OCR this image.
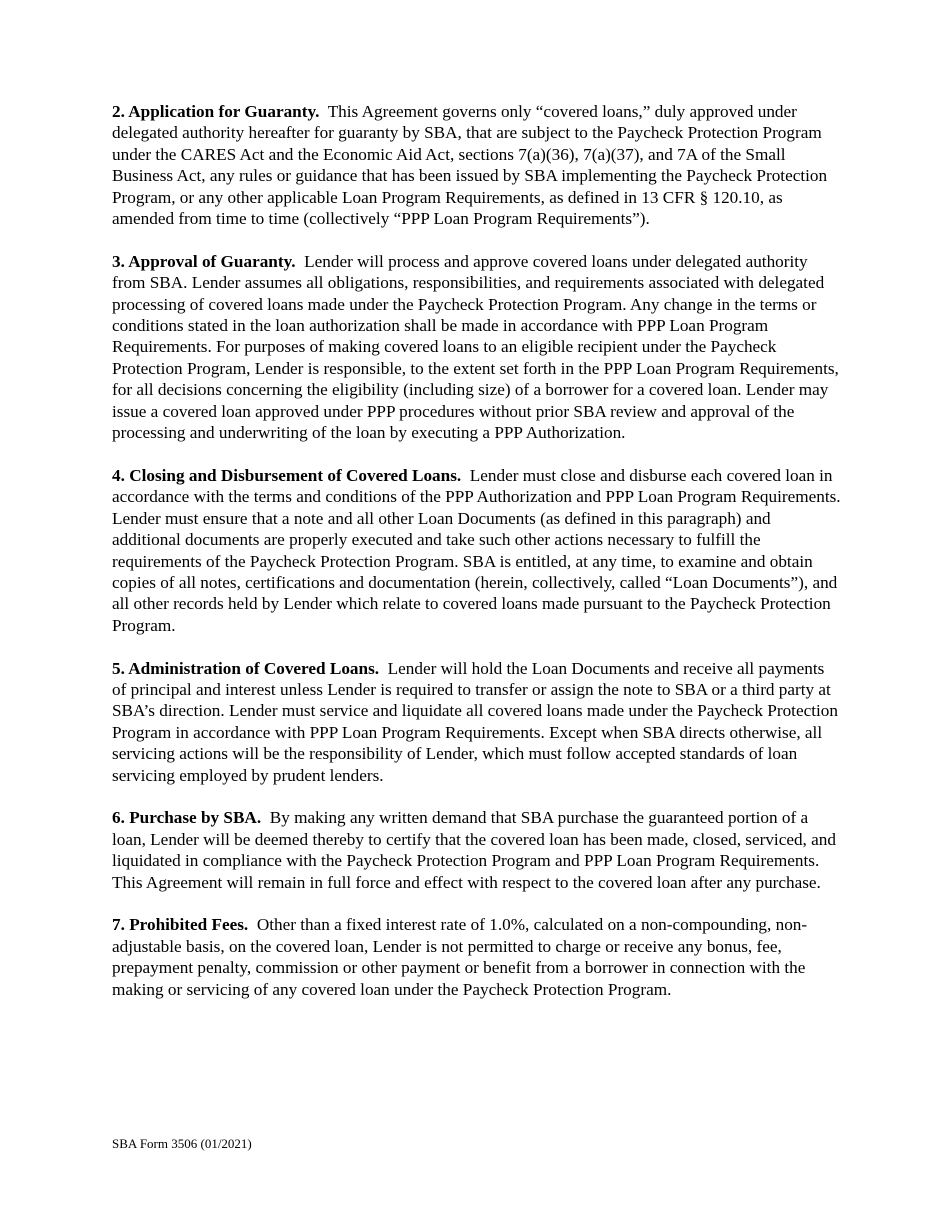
2. Application for Guaranty. This Agreement governs only “covered loans,” duly approved under delegated authority hereafter for guaranty by SBA, that are subject to the Paycheck Protection Program under the CARES Act and the Economic Aid Act, sections 7(a)(36), 7(a)(37), and 7A of the Small Business Act, any rules or guidance that has been issued by SBA implementing the Paycheck Protection Program, or any other applicable Loan Program Requirements, as defined in 13 CFR § 120.10, as amended from time to time (collectively “PPP Loan Program Requirements”).

3. Approval of Guaranty. Lender will process and approve covered loans under delegated authority from SBA. Lender assumes all obligations, responsibilities, and requirements associated with delegated processing of covered loans made under the Paycheck Protection Program. Any change in the terms or conditions stated in the loan authorization shall be made in accordance with PPP Loan Program Requirements. For purposes of making covered loans to an eligible recipient under the Paycheck Protection Program, Lender is responsible, to the extent set forth in the PPP Loan Program Requirements, for all decisions concerning the eligibility (including size) of a borrower for a covered loan. Lender may issue a covered loan approved under PPP procedures without prior SBA review and approval of the processing and underwriting of the loan by executing a PPP Authorization.

4. Closing and Disbursement of Covered Loans. Lender must close and disburse each covered loan in accordance with the terms and conditions of the PPP Authorization and PPP Loan Program Requirements. Lender must ensure that a note and all other Loan Documents (as defined in this paragraph) and additional documents are properly executed and take such other actions necessary to fulfill the requirements of the Paycheck Protection Program. SBA is entitled, at any time, to examine and obtain copies of all notes, certifications and documentation (herein, collectively, called “Loan Documents”), and all other records held by Lender which relate to covered loans made pursuant to the Paycheck Protection Program.

5. Administration of Covered Loans. Lender will hold the Loan Documents and receive all payments of principal and interest unless Lender is required to transfer or assign the note to SBA or a third party at SBA’s direction. Lender must service and liquidate all covered loans made under the Paycheck Protection Program in accordance with PPP Loan Program Requirements. Except when SBA directs otherwise, all servicing actions will be the responsibility of Lender, which must follow accepted standards of loan servicing employed by prudent lenders.

6. Purchase by SBA. By making any written demand that SBA purchase the guaranteed portion of a loan, Lender will be deemed thereby to certify that the covered loan has been made, closed, serviced, and liquidated in compliance with the Paycheck Protection Program and PPP Loan Program Requirements. This Agreement will remain in full force and effect with respect to the covered loan after any purchase.

7. Prohibited Fees. Other than a fixed interest rate of 1.0%, calculated on a non-compounding, non-adjustable basis, on the covered loan, Lender is not permitted to charge or receive any bonus, fee, prepayment penalty, commission or other payment or benefit from a borrower in connection with the making or servicing of any covered loan under the Paycheck Protection Program.

SBA Form 3506 (01/2021)
